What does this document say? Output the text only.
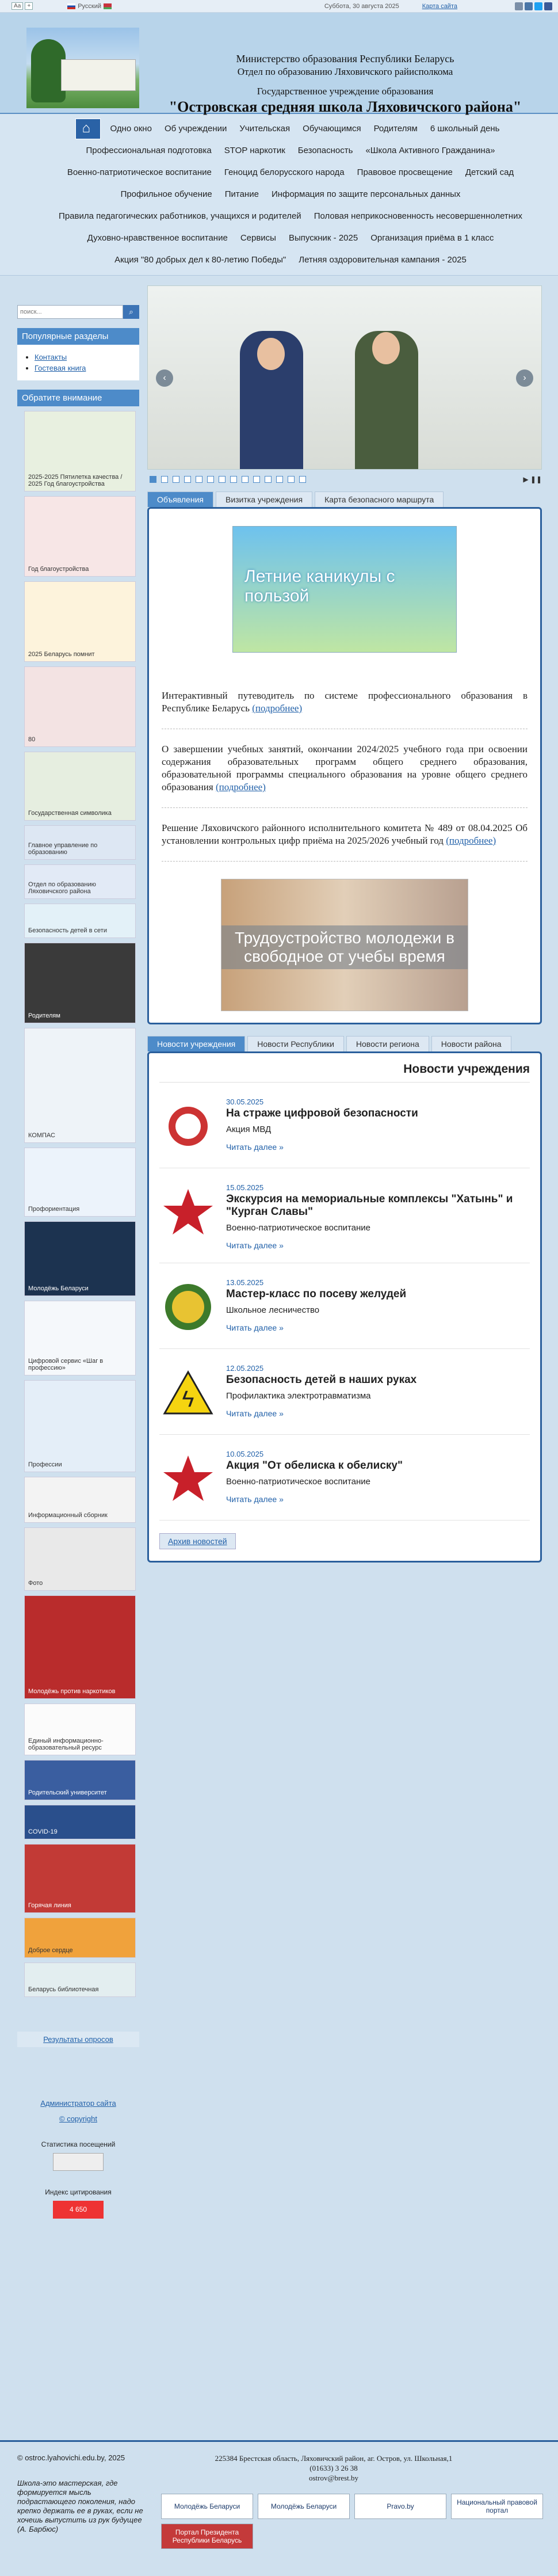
Аа	+	Русский	Суббота, 30 августа 2025	Карта сайта
Министерство образования Республики Беларусь
Отдел по образованию Ляховичского райисполкома
Государственное учреждение образования
"Островская средняя школа Ляховичского района"
⌂
Одно окно	Об учреждении	Учительская	Обучающимся	Родителям	6 школьный день
Профессиональная подготовка	STOP наркотик	Безопасность	«Школа Активного Гражданина»
Военно-патриотическое воспитание	Геноцид белорусского народа	Правовое просвещение	Детский сад
Профильное обучение	Питание	Информация по защите персональных данных
Правила педагогических работников, учащихся и родителей	Половая неприкосновенность несовершеннолетних
Духовно-нравственное воспитание	Сервисы	Выпускник - 2025	Организация приёма в 1 класс
Акция "80 добрых дел к 80-летию Победы"	Летняя оздоровительная кампания - 2025
поиск...
⌕
Популярные разделы
• Контакты
• Гостевая книга
Обратите внимание
2025-2025 Пятилетка качества / 2025 Год благоустройства
Год благоустройства
2025 Беларусь помнит
80
Государственная символика
Главное управление по образованию
Отдел по образованию Ляховичского района
Безопасность детей в сети
Родителям
КОМПАС
Профориентация
Молодёжь Беларуси
Цифровой сервис «Шаг в профессию»
Профессии
Информационный сборник
Фото
Молодёжь против наркотиков
Единый информационно-образовательный ресурс
Родительский университет
COVID-19
Горячая линия
Доброе сердце
Беларусь библиотечная
Результаты опросов
Администратор сайта
© copyright
Статистика посещений
Индекс цитирования
4 650
‹	›
▶ ❚❚
Объявления	Визитка учреждения	Карта безопасного маршрута
Летние каникулы с пользой
Интерактивный путеводитель по системе профессионального образования в Республике Беларусь (подробнее)
О завершении учебных занятий, окончании 2024/2025 учебного года при освоении содержания образовательных программ общего среднего образования, образовательной программы специального образования на уровне общего среднего образования (подробнее)
Решение Ляховичского районного исполнительного комитета № 489 от 08.04.2025 Об установлении контрольных цифр приёма на 2025/2026 учебный год (подробнее)
Трудоустройство молодежи в свободное от учебы время
Новости учреждения	Новости Республики	Новости региона	Новости района
Новости учреждения
30.05.2025
На страже цифровой безопасности
Акция МВД
Читать далее »
15.05.2025
Экскурсия на мемориальные комплексы "Хатынь" и "Курган Славы"
Военно-патриотическое воспитание
Читать далее »
13.05.2025
Мастер-класс по посеву желудей
Школьное лесничество
Читать далее »
ϟ
12.05.2025
Безопасность детей в наших руках
Профилактика электротравматизма
Читать далее »
10.05.2025
Акция "От обелиска к обелиску"
Военно-патриотическое воспитание
Читать далее »
Архив новостей
© ostroc.lyahovichi.edu.by, 2025
Школа-это мастерская, где формируется мысль подрастающего поколения, надо крепко держать ее в руках, если не хочешь выпустить из рук будущее (А. Барбюс)
225384 Брестская область, Ляховичский район, аг. Остров, ул. Школьная,1
(01633) 3 26 38
ostrov@brest.by
Молодёжь Беларуси	Молодёжь Беларуси	Pravo.by	Национальный правовой портал
Портал Президента Республики Беларусь
